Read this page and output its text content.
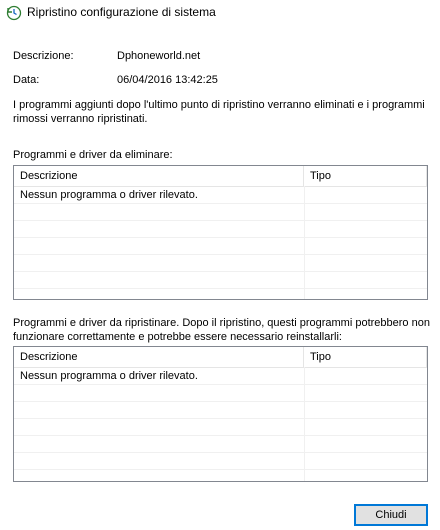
Ripristino configurazione di sistema
Descrizione:	Dphoneworld.net
Data:	06/04/2016 13:42:25
I programmi aggiunti dopo l'ultimo punto di ripristino verranno eliminati e i programmi rimossi verranno ripristinati.
Programmi e driver da eliminare:
Descrizione	Tipo
Nessun programma o driver rilevato.
Programmi e driver da ripristinare. Dopo il ripristino, questi programmi potrebbero non funzionare correttamente e potrebbe essere necessario reinstallarli:
Descrizione	Tipo
Nessun programma o driver rilevato.
Chiudi
